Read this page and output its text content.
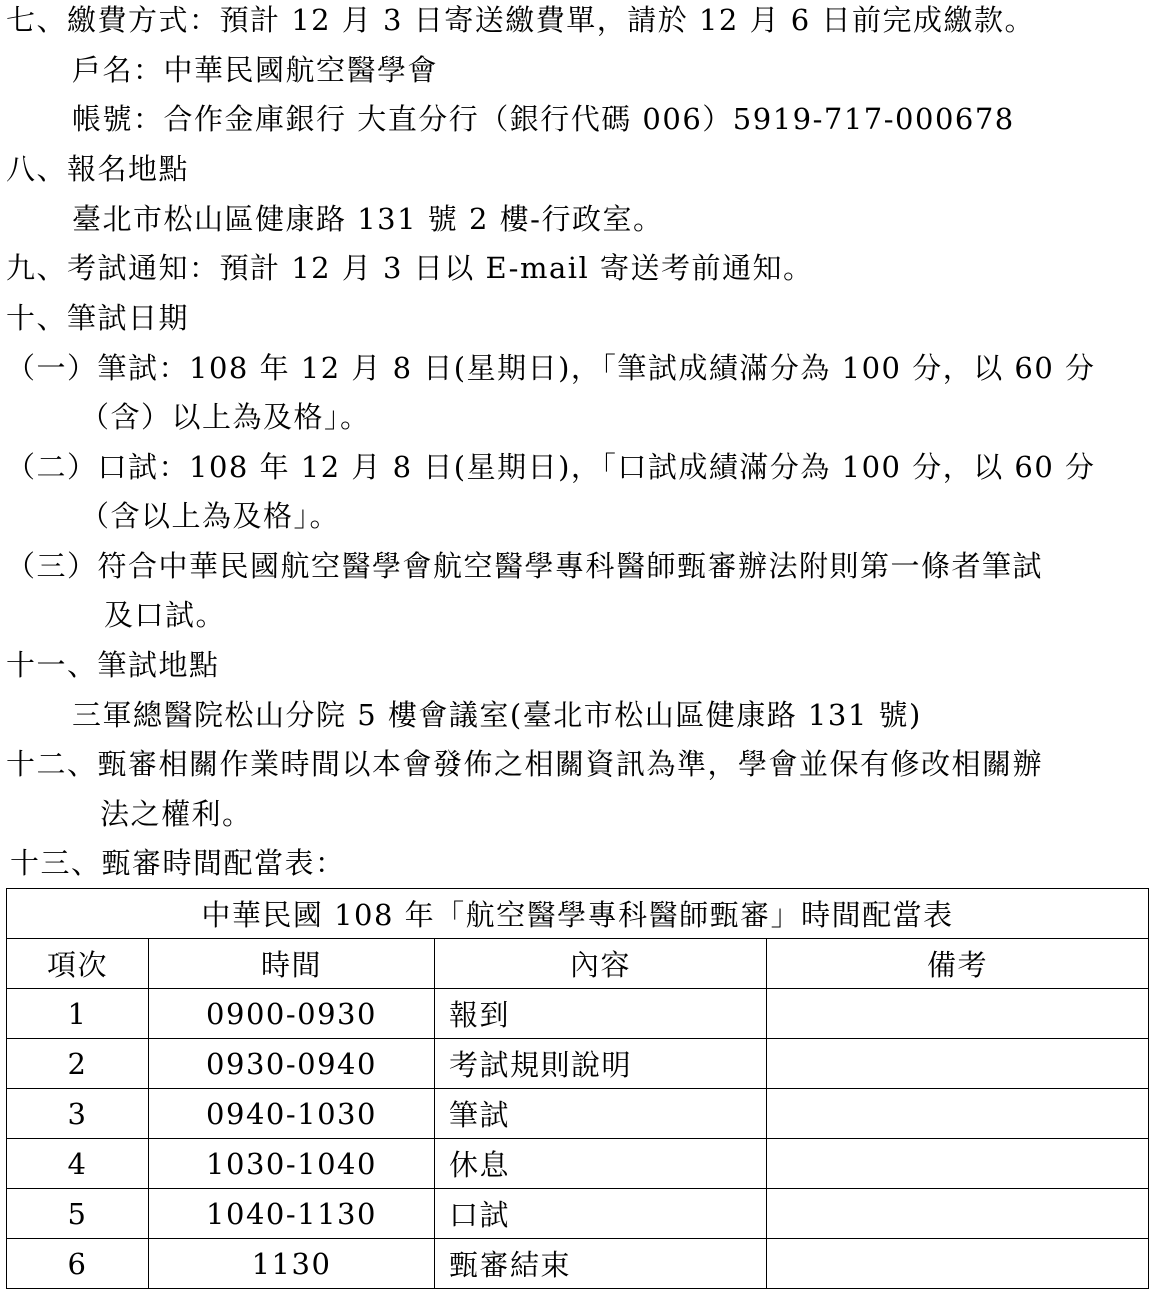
七、繳費方式：預計 12 月 3 日寄送繳費單，請於 12 月 6 日前完成繳款。
戶名：中華民國航空醫學會
帳號：合作金庫銀行 大直分行（銀行代碼 006）5919-717-000678
八、報名地點
臺北市松山區健康路 131 號 2 樓-行政室。
九、考試通知：預計 12 月 3 日以 E-mail 寄送考前通知。
十、筆試日期
（一）筆試：108 年 12 月 8 日(星期日)，「筆試成績滿分為 100 分，以 60 分
（含）以上為及格」。
（二）口試：108 年 12 月 8 日(星期日)，「口試成績滿分為 100 分，以 60 分
（含以上為及格」。
（三）符合中華民國航空醫學會航空醫學專科醫師甄審辦法附則第一條者筆試
及口試。
十一、筆試地點
三軍總醫院松山分院 5 樓會議室(臺北市松山區健康路 131 號)
十二、甄審相關作業時間以本會發佈之相關資訊為準，學會並保有修改相關辦
法之權利。
十三、甄審時間配當表：
中華民國 108 年「航空醫學專科醫師甄審」時間配當表			
項次	時間	內容	備考
1	0900-0930	報到	
2	0930-0940	考試規則說明	
3	0940-1030	筆試	
4	1030-1040	休息	
5	1040-1130	口試	
6	1130	甄審結束	
